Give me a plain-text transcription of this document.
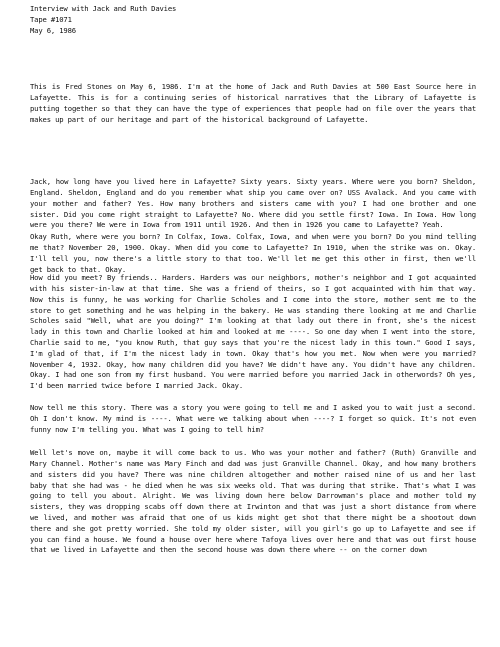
Interview with Jack and Ruth Davies
Tape #1071
May 6, 1986

This is Fred Stones on May 6, 1986. I'm at the home of Jack and Ruth Davies at 500 East Source here in Lafayette. This is for a continuing series of historical narratives that the Library of Lafayette is putting together so that they can have the type of experiences that people had on file over the years that makes up part of our heritage and part of the historical background of Lafayette.

Jack, how long have you lived here in Lafayette? Sixty years. Sixty years. Where were you born? Sheldon, England. Sheldon, England and do you remember what ship you came over on? USS Avalack. And you came with your mother and father? Yes. How many brothers and sisters came with you? I had one brother and one sister. Did you come right straight to Lafayette? No. Where did you settle first? Iowa. In Iowa. How long were you there? We were in Iowa from 1911 until 1926. And then in 1926 you came to Lafayette? Yeah.

Okay Ruth, where were you born? In Colfax, Iowa. Colfax, Iowa, and when were you born? Do you mind telling me that? November 20, 1900. Okay. When did you come to Lafayette? In 1910, when the strike was on. Okay. I'll tell you, now there's a little story to that too. We'll let me get this other in first, then we'll get back to that. Okay.

How did you meet? By friends.. Harders. Harders was our neighbors, mother's neighbor and I got acquainted with his sister-in-law at that time. She was a friend of theirs, so I got acquainted with him that way. Now this is funny, he was working for Charlie Scholes and I come into the store, mother sent me to the store to get something and he was helping in the bakery. He was standing there looking at me and Charlie Scholes said "Well, what are you doing?" I'm looking at that lady out there in front, she's the nicest lady in this town and Charlie looked at him and looked at me ----. So one day when I went into the store, Charlie said to me, "you know Ruth, that guy says that you're the nicest lady in this town." Good I says, I'm glad of that, if I'm the nicest lady in town. Okay that's how you met. Now when were you married? November 4, 1932. Okay, how many children did you have? We didn't have any. You didn't have any children. Okay. I had one son from my first husband. You were married before you married Jack in otherwords? Oh yes, I'd been married twice before I married Jack. Okay.

Now tell me this story. There was a story you were going to tell me and I asked you to wait just a second. Oh I don't know. My mind is ----. What were we talking about when ----? I forget so quick. It's not even funny now I'm telling you. What was I going to tell him?

Well let's move on, maybe it will come back to us. Who was your mother and father? (Ruth) Granville and Mary Channel. Mother's name was Mary Finch and dad was just Granville Channel. Okay, and how many brothers and sisters did you have? There was nine children altogether and mother raised nine of us and her last baby that she had was - he died when he was six weeks old. That was during that strike. That's what I was going to tell you about. Alright. We was living down here below Darrowman's place and mother told my sisters, they was dropping scabs off down there at Irwinton and that was just a short distance from where we lived, and mother was afraid that one of us kids might get shot that there might be a shootout down there and she got pretty worried. She told my older sister, will you girl's go up to Lafayette and see if you can find a house. We found a house over here where Tafoya lives over here and that was out first house that we lived in Lafayette and then the second house was down there where -- on the corner down
